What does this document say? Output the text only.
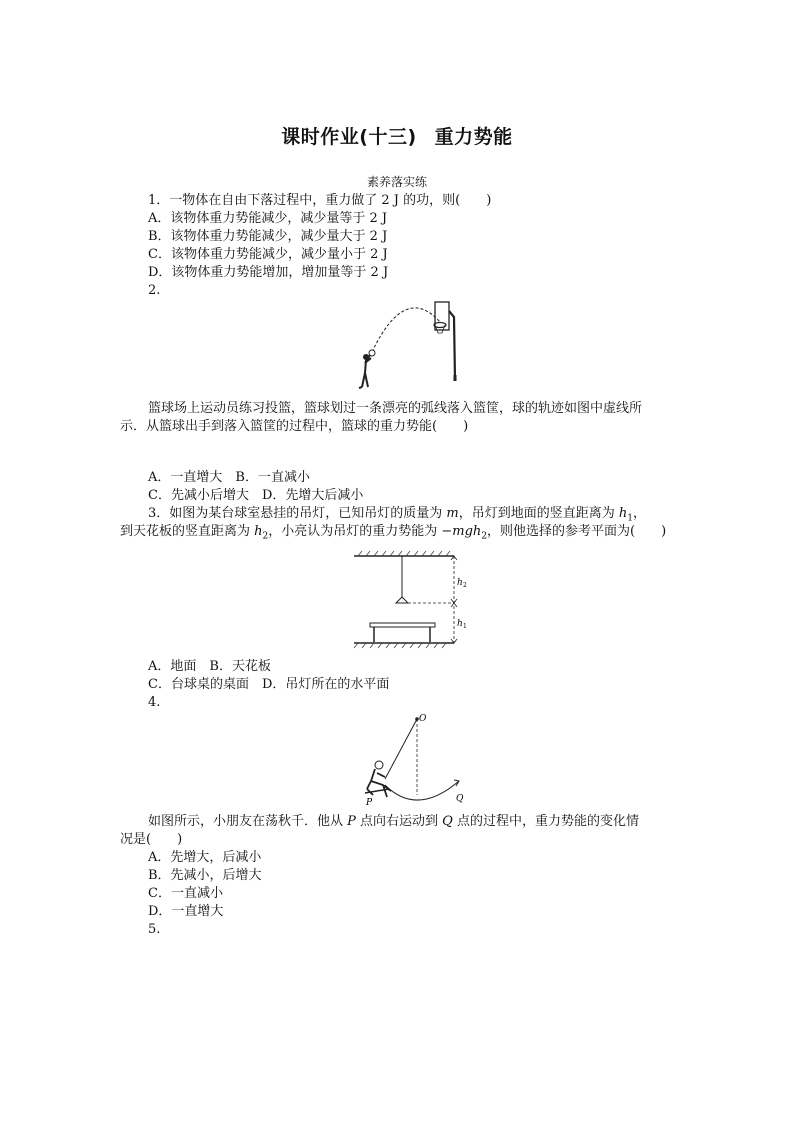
课时作业(十三) 重力势能
素养落实练
1．一物体在自由下落过程中，重力做了 2 J 的功，则(　　)
A．该物体重力势能减少，减少量等于 2 J
B．该物体重力势能减少，减少量大于 2 J
C．该物体重力势能减少，减少量小于 2 J
D．该物体重力势能增加，增加量等于 2 J
2.
篮球场上运动员练习投篮，篮球划过一条漂亮的弧线落入篮筐，球的轨迹如图中虚线所
示．从篮球出手到落入篮筐的过程中，篮球的重力势能(　　)
A．一直增大　B．一直减小
C．先减小后增大　D．先增大后减小
3．如图为某台球室悬挂的吊灯，已知吊灯的质量为 m，吊灯到地面的竖直距离为 $h_1$，
到天花板的竖直距离为 $h_2$，小亮认为吊灯的重力势能为 −mgh$_2$，则他选择的参考平面为(　　)
h 2
h 1
A．地面　B．天花板
C．台球桌的桌面　D．吊灯所在的水平面
4.
O
P	Q
如图所示，小朋友在荡秋千．他从 P 点向右运动到 Q 点的过程中，重力势能的变化情
况是(　　)
A．先增大，后减小
B．先减小，后增大
C．一直减小
D．一直增大
5.
